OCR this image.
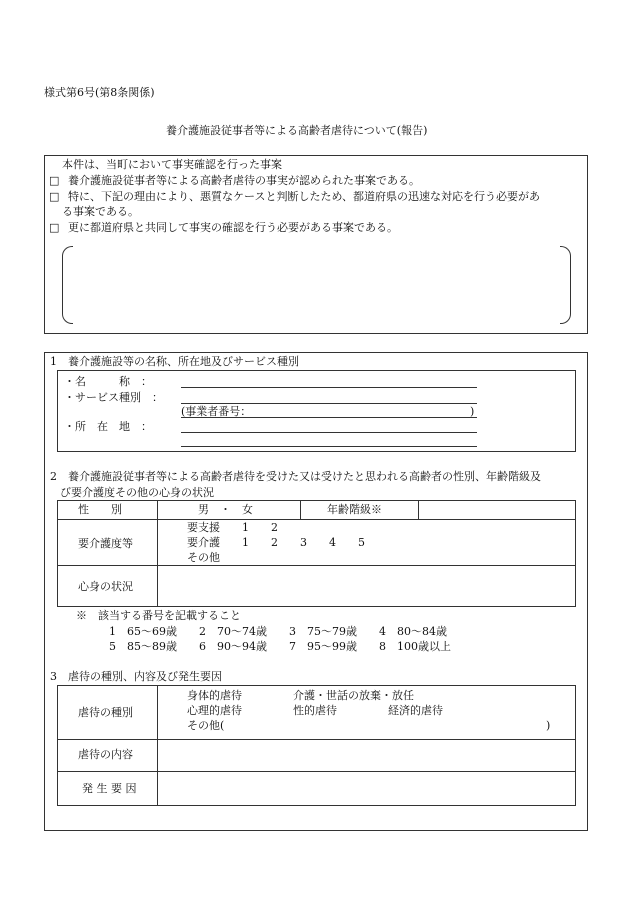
様式第6号(第8条関係)
養介護施設従事者等による高齢者虐待について(報告)
本件は、当町において事実確認を行った事案
□ 養介護施設従事者等による高齢者虐待の事実が認められた事案である。
□ 特に、下記の理由により、悪質なケースと判断したため、都道府県の迅速な対応を行う必要があ
る事案である。
□ 更に都道府県と共同して事実の確認を行う必要がある事案である。
1　養介護施設等の名称、所在地及びサービス種別
・名　　　称　：
・サービス種別　：
(事業者番号：	)
・所　在　地　：
2　養介護施設従事者等による高齢者虐待を受けた又は受けたと思われる高齢者の性別、年齢階級及
び要介護度その他の心身の状況
性　　別	男　・　女	年齢階級※
要介護度等
要支援　　1　　2
要介護　　1　　2　　3　　4　　5
その他
心身の状況
※　該当する番号を記載すること
1　65〜69歳　　2　70〜74歳　　3　75〜79歳　　4　80〜84歳
5　85〜89歳　　6　90〜94歳　　7　95〜99歳　　8　100歳以上
3　虐待の種別、内容及び発生要因
虐待の種別
身体的虐待	介護・世話の放棄・放任
心理的虐待	性的虐待	経済的虐待
その他(	)
虐待の内容
発 生 要 因
